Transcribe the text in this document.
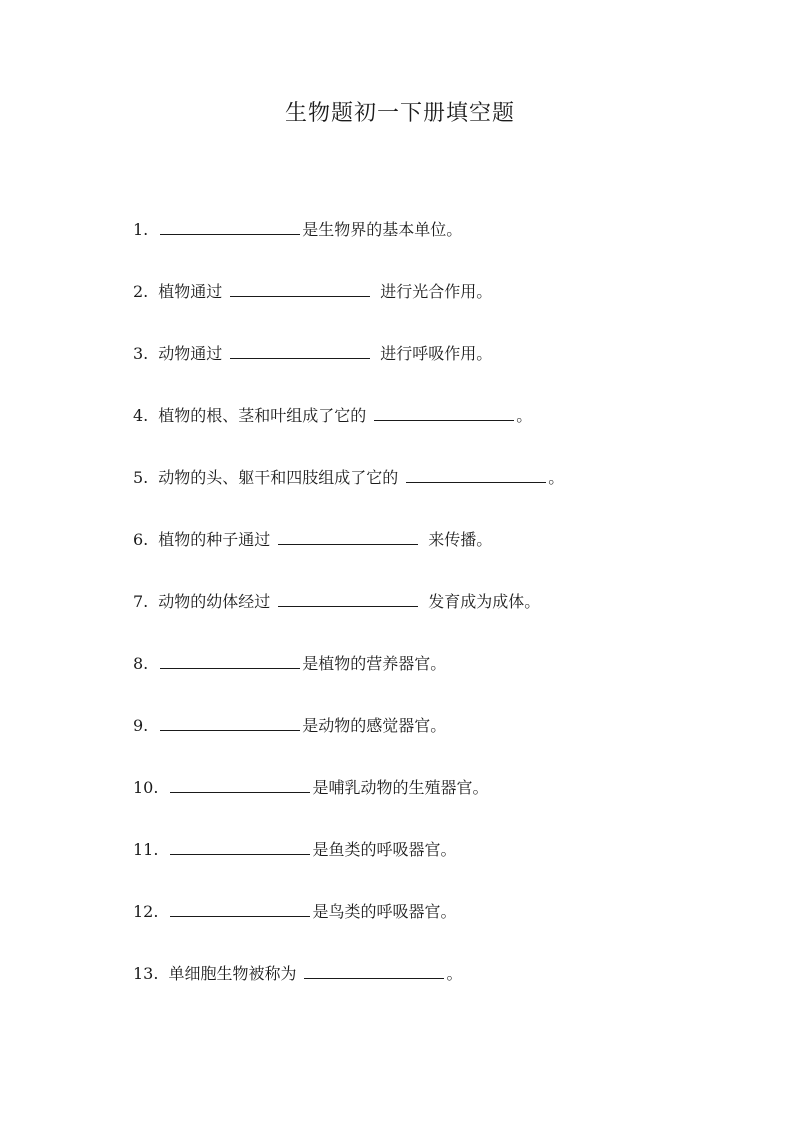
生物题初一下册填空题
1.	是生物界的基本单位。
2. 植物通过	进行光合作用。
3. 动物通过	进行呼吸作用。
4. 植物的根、茎和叶组成了它的	。
5. 动物的头、躯干和四肢组成了它的	。
6. 植物的种子通过	来传播。
7. 动物的幼体经过	发育成为成体。
8.	是植物的营养器官。
9.	是动物的感觉器官。
10.	是哺乳动物的生殖器官。
11.	是鱼类的呼吸器官。
12.	是鸟类的呼吸器官。
13. 单细胞生物被称为	。
